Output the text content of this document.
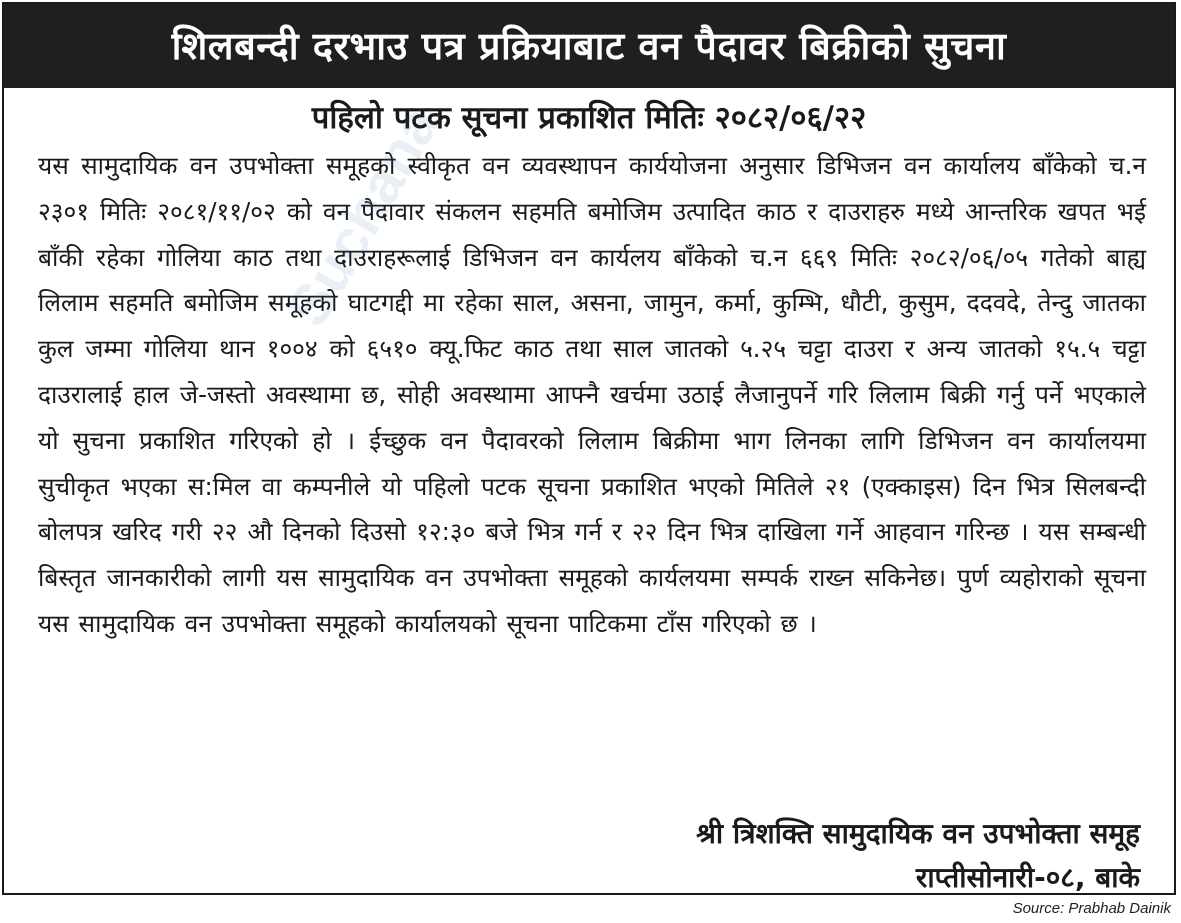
शिलबन्दी दरभाउ पत्र प्रक्रियाबाट वन पैदावर बिक्रीको सुचना
पहिलो पटक सूचना प्रकाशित मितिः २०८२/०६/२२

यस सामुदायिक वन उपभोक्ता समूहको स्वीकृत वन व्यवस्थापन कार्ययोजना अनुसार डिभिजन वन कार्यालय बाँकेको च.न २३०१ मितिः २०८१/११/०२ को वन पैदावार संकलन सहमति बमोजिम उत्पादित काठ र दाउराहरु मध्ये आन्तरिक खपत भई बाँकी रहेका गोलिया काठ तथा दाउराहरूलाई डिभिजन वन कार्यलय बाँकेको च.न ६६९ मितिः २०८२/०६/०५ गतेको बाह्य लिलाम सहमति बमोजिम समूहको घाटगद्दी मा रहेका साल, असना, जामुन, कर्मा, कुम्भि, धौटी, कुसुम, ददवदे, तेन्दु जातका कुल जम्मा गोलिया थान १००४ को ६५१० क्यू.फिट काठ तथा साल जातको ५.२५ चट्टा दाउरा र अन्य जातको १५.५ चट्टा दाउरालाई हाल जे-जस्तो अवस्थामा छ, सोही अवस्थामा आफ्नै खर्चमा उठाई लैजानुपर्ने गरि लिलाम बिक्री गर्नु पर्ने भएकाले यो सुचना प्रकाशित गरिएको हो । ईच्छुक वन पैदावरको लिलाम बिक्रीमा भाग लिनका लागि डिभिजन वन कार्यालयमा सुचीकृत भएका स:मिल वा कम्पनीले यो पहिलो पटक सूचना प्रकाशित भएको मितिले २१ (एक्काइस) दिन भित्र सिलबन्दी बोलपत्र खरिद गरी २२ औ दिनको दिउसो १२:३० बजे भित्र गर्न र २२ दिन भित्र दाखिला गर्ने आहवान गरिन्छ । यस सम्बन्धी बिस्तृत जानकारीको लागी यस सामुदायिक वन उपभोक्ता समूहको कार्यलयमा सम्पर्क राख्न सकिनेछ। पुर्ण व्यहोराको सूचना यस सामुदायिक वन उपभोक्ता समूहको कार्यालयको सूचना पाटिकमा टाँस गरिएको छ ।

श्री त्रिशक्ति सामुदायिक वन उपभोक्ता समूह
राप्तीसोनारी-०८, बाके
Suchana
Source: Prabhab Dainik
